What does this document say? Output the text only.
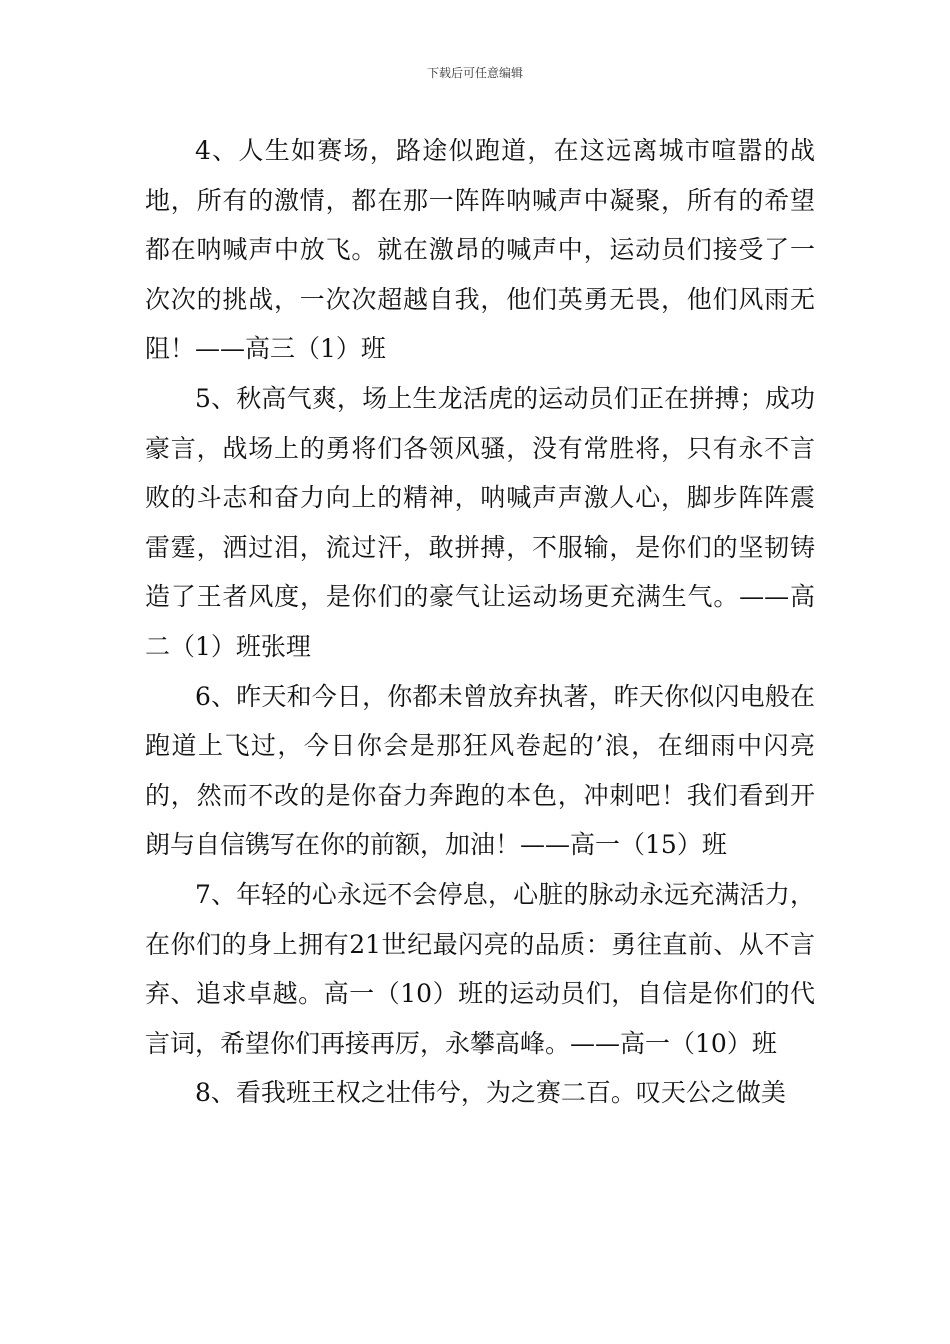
下载后可任意编辑

4、人生如赛场，路途似跑道，在这远离城市喧嚣的战地，所有的激情，都在那一阵阵呐喊声中凝聚，所有的希望都在呐喊声中放飞。就在激昂的喊声中，运动员们接受了一次次的挑战，一次次超越自我，他们英勇无畏，他们风雨无阻！——高三（1）班

5、秋高气爽，场上生龙活虎的运动员们正在拼搏；成功豪言，战场上的勇将们各领风骚，没有常胜将，只有永不言败的斗志和奋力向上的精神，呐喊声声激人心，脚步阵阵震雷霆，洒过泪，流过汗，敢拼搏，不服输，是你们的坚韧铸造了王者风度，是你们的豪气让运动场更充满生气。——高二（1）班张理

6、昨天和今日，你都未曾放弃执著，昨天你似闪电般在跑道上飞过，今日你会是那狂风卷起的’浪，在细雨中闪亮的，然而不改的是你奋力奔跑的本色，冲刺吧！我们看到开朗与自信镌写在你的前额，加油！——高一（15）班

7、年轻的心永远不会停息，心脏的脉动永远充满活力，在你们的身上拥有21世纪最闪亮的品质：勇往直前、从不言弃、追求卓越。高一（10）班的运动员们，自信是你们的代言词，希望你们再接再厉，永攀高峰。——高一（10）班

8、看我班王权之壮伟兮，为之赛二百。叹天公之做美
